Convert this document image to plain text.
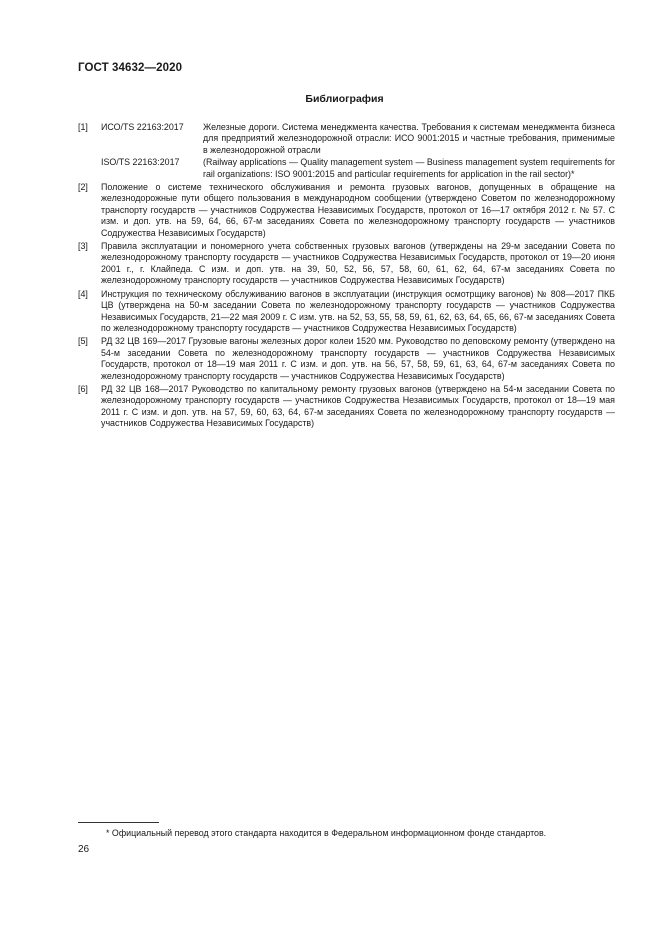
ГОСТ 34632—2020
Библиография
[1]	ИСО/TS 22163:2017	Железные дороги. Система менеджмента качества. Требования к системам менеджмента бизнеса для предприятий железнодорожной отрасли: ИСО 9001:2015 и частные требования, применимые в железнодорожной отрасли
ISO/TS 22163:2017	(Railway applications — Quality management system — Business management system requirements for rail organizations: ISO 9001:2015 and particular requirements for application in the rail sector)*
[2]	Положение о системе технического обслуживания и ремонта грузовых вагонов, допущенных в обращение на железнодорожные пути общего пользования в международном сообщении (утверждено Советом по железнодорожному транспорту государств — участников Содружества Независимых Государств, протокол от 16—17 октября 2012 г. № 57. С изм. и доп. утв. на 59, 64, 66, 67-м заседаниях Совета по железнодорожному транспорту государств — участников Содружества Независимых Государств)
[3]	Правила эксплуатации и пономерного учета собственных грузовых вагонов (утверждены на 29-м заседании Совета по железнодорожному транспорту государств — участников Содружества Независимых Государств, протокол от 19—20 июня 2001 г., г. Клайпеда. С изм. и доп. утв. на 39, 50, 52, 56, 57, 58, 60, 61, 62, 64, 67-м заседаниях Совета по железнодорожному транспорту государств — участников Содружества Независимых Государств)
[4]	Инструкция по техническому обслуживанию вагонов в эксплуатации (инструкция осмотрщику вагонов) № 808—2017 ПКБ ЦВ (утверждена на 50-м заседании Совета по железнодорожному транспорту государств — участников Содружества Независимых Государств, 21—22 мая 2009 г. С изм. утв. на 52, 53, 55, 58, 59, 61, 62, 63, 64, 65, 66, 67-м заседаниях Совета по железнодорожному транспорту государств — участников Содружества Независимых Государств)
[5]	РД 32 ЦВ 169—2017 Грузовые вагоны железных дорог колеи 1520 мм. Руководство по деповскому ремонту (утверждено на 54-м заседании Совета по железнодорожному транспорту государств — участников Содружества Независимых Государств, протокол от 18—19 мая 2011 г. С изм. и доп. утв. на 56, 57, 58, 59, 61, 63, 64, 67-м заседаниях Совета по железнодорожному транспорту государств — участников Содружества Независимых Государств)
[6]	РД 32 ЦВ 168—2017 Руководство по капитальному ремонту грузовых вагонов (утверждено на 54-м заседании Совета по железнодорожному транспорту государств — участников Содружества Независимых Государств, протокол от 18—19 мая 2011 г. С изм. и доп. утв. на 57, 59, 60, 63, 64, 67-м заседаниях Совета по железнодорожному транспорту государств — участников Содружества Независимых Государств)
* Официальный перевод этого стандарта находится в Федеральном информационном фонде стандартов.
26
